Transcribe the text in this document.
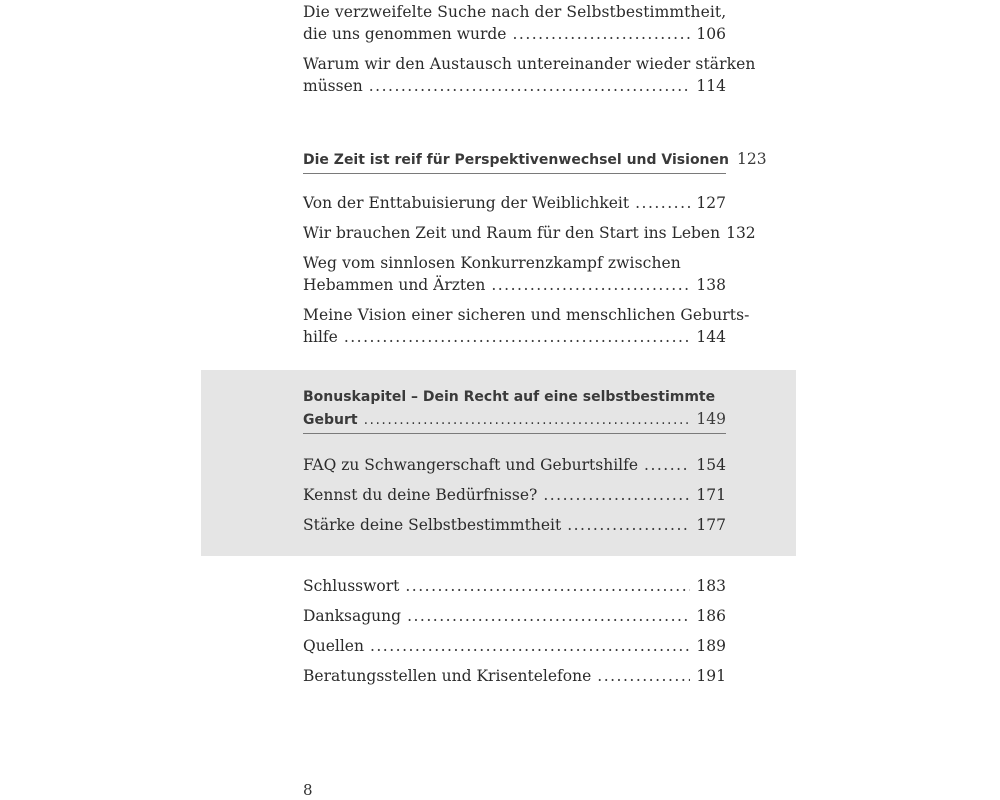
Die verzweifelte Suche nach der Selbstbestimmtheit,
die uns genommen wurde .....	106
Warum wir den Austausch untereinander wieder stärken
müssen .....	114
Die Zeit ist reif für Perspektivenwechsel und Visionen 123
Von der Enttabuisierung der Weiblichkeit .....	127
Wir brauchen Zeit und Raum für den Start ins Leben 132
Weg vom sinnlosen Konkurrenzkampf zwischen
Hebammen und Ärzten .....	138
Meine Vision einer sicheren und menschlichen Geburts-
hilfe .....	144
Bonuskapitel – Dein Recht auf eine selbstbestimmte
Geburt .....	149
FAQ zu Schwangerschaft und Geburtshilfe .....	154
Kennst du deine Bedürfnisse? .....	171
Stärke deine Selbstbestimmtheit .....	177
Schlusswort .....	183
Danksagung .....	186
Quellen .....	189
Beratungsstellen und Krisentelefone .....	191
8
